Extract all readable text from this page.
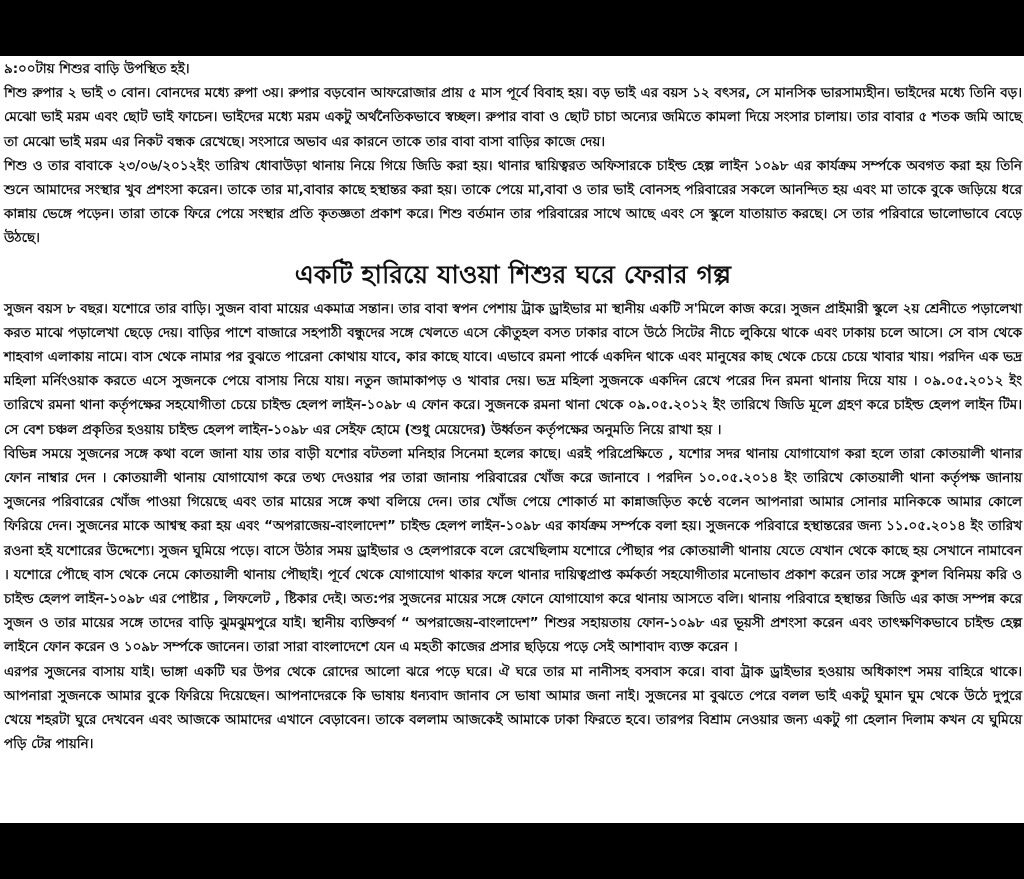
৯:০০টায় শিশুর বাড়ি উপস্থিত হই।

শিশু রুপার ২ ভাই ৩ বোন। বোনদের মধ্যে রুপা ৩য়। রুপার বড়বোন আফরোজার প্রায় ৫ মাস পূর্বে বিবাহ হয়। বড় ভাই এর বয়স ১২ বৎসর, সে মানসিক ভারসাম্যহীন। ভাইদের মধ্যে তিনি বড়। মেঝো ভাই মরম এবং ছোট ভাই ফাচেন। ভাইদের মধ্যে মরম একটু অর্থনৈতিকভাবে স্বচ্ছল। রুপার বাবা ও ছোট চাচা অন্যের জমিতে কামলা দিয়ে সংসার চালায়। তার বাবার ৫ শতক জমি আছে তা মেঝো ভাই মরম এর নিকট বন্ধক রেখেছে। সংসারে অভাব এর কারনে তাকে তার বাবা বাসা বাড়ির কাজে দেয়।

শিশু ও তার বাবাকে ২৩/০৬/২০১২ইং তারিখ ধোবাউড়া থানায় নিয়ে গিয়ে জিডি করা হয়। থানার দ্বায়িত্বরত অফিসারকে চাইল্ড হেল্প লাইন ১০৯৮ এর কার্যক্রম সর্ম্পকে অবগত করা হয় তিনি শুনে আমাদের সংস্থার খুব প্রশংসা করেন। তাকে তার মা,বাবার কাছে হস্থান্তর করা হয়। তাকে পেয়ে মা,বাবা ও তার ভাই বোনসহ পরিবারের সকলে আনন্দিত হয় এবং মা তাকে বুকে জড়িয়ে ধরে কান্নায় ভেঙ্গে পড়েন। তারা তাকে ফিরে পেয়ে সংস্থার প্রতি কৃতজ্ঞতা প্রকাশ করে। শিশু বর্তমান তার পরিবারের সাথে আছে এবং সে স্কুলে যাতায়াত করছে। সে তার পরিবারে ভালোভাবে বেড়ে উঠছে।

একটি হারিয়ে যাওয়া শিশুর ঘরে ফেরার গল্প

সুজন বয়স ৮ বছর। যশোরে তার বাড়ি। সুজন বাবা মায়ের একমাত্র সন্তান। তার বাবা স্বপন পেশায় ট্রাক ড্রাইভার মা স্থানীয় একটি স'মিলে কাজ করে। সুজন প্রাইমারী স্কুলে ২য় শ্রেনীতে পড়ালেখা করত মাঝে পড়ালেখা ছেড়ে দেয়। বাড়ির পাশে বাজারে সহপাঠী বন্ধুদের সঙ্গে খেলতে এসে কৌতুহল বসত ঢাকার বাসে উঠে সিটের নীচে লুকিয়ে থাকে এবং ঢাকায় চলে আসে। সে বাস থেকে শাহবাগ এলাকায় নামে। বাস থেকে নামার পর বুঝতে পারেনা কোথায় যাবে, কার কাছে যাবে। এভাবে রমনা পার্কে একদিন থাকে এবং মানুষের কাছ থেকে চেয়ে চেয়ে খাবার খায়। পরদিন এক ভদ্র মহিলা মর্নিংওয়াক করতে এসে সুজনকে পেয়ে বাসায় নিয়ে যায়। নতুন জামাকাপড় ও খাবার দেয়। ভদ্র মহিলা সুজনকে একদিন রেখে পরের দিন রমনা থানায় দিয়ে যায় । ০৯.০৫.২০১২ ইং তারিখে রমনা থানা কর্তৃপক্ষের সহযোগীতা চেয়ে চাইল্ড হেলপ লাইন-১০৯৮ এ ফোন করে। সুজনকে রমনা থানা থেকে ০৯.০৫.২০১২ ইং তারিখে জিডি মূলে গ্রহণ করে চাইল্ড হেলপ লাইন টিম। সে বেশ চঞ্চল প্রকৃতির হওয়ায় চাইল্ড হেলপ লাইন-১০৯৮ এর সেইফ হোমে (শুধু মেয়েদের) উর্ধ্বতন কর্তৃপক্ষের অনুমতি নিয়ে রাখা হয় ।

বিভিন্ন সময়ে সুজনের সঙ্গে কথা বলে জানা যায় তার বাড়ী যশোর বটতলা মনিহার সিনেমা হলের কাছে। এরই পরিপ্রেক্ষিতে , যশোর সদর থানায় যোগাযোগ করা হলে তারা কোতয়ালী থানার ফোন নাম্বার দেন । কোতয়ালী থানায় যোগাযোগ করে তথ্য দেওয়ার পর তারা জানায় পরিবারের খোঁজ করে জানাবে । পরদিন ১০.০৫.২০১৪ ইং তারিখে কোতয়ালী থানা কর্তৃপক্ষ জানায় সুজনের পরিবারের খোঁজ পাওয়া গিয়েছে এবং তার মায়ের সঙ্গে কথা বলিয়ে দেন। তার খোঁজ পেয়ে শোকার্ত মা কান্নাজড়িত কণ্ঠে বলেন আপনারা আমার সোনার মানিককে আমার কোলে ফিরিয়ে দেন। সুজনের মাকে আশ্বস্থ করা হয় এবং “অপরাজেয়-বাংলাদেশ” চাইল্ড হেলপ লাইন-১০৯৮ এর কার্যক্রম সর্ম্পকে বলা হয়। সুজনকে পরিবারে হস্থান্তরের জন্য ১১.০৫.২০১৪ ইং তারিখ রওনা হই যশোরের উদ্দেশ্যে। সুজন ঘুমিয়ে পড়ে। বাসে উঠার সময় ড্রাইভার ও হেলপারকে বলে রেখেছিলাম যশোরে পৌছার পর কোতয়ালী থানায় যেতে যেখান থেকে কাছে হয় সেখানে নামাবেন । যশোরে পৌছে বাস থেকে নেমে কোতয়ালী থানায় পৌছাই। পূর্বে থেকে যোগাযোগ থাকার ফলে থানার দায়িত্বপ্রাপ্ত কর্মকর্তা সহযোগীতার মনোভাব প্রকাশ করেন তার সঙ্গে কুশল বিনিময় করি ও চাইল্ড হেলপ লাইন-১০৯৮ এর পোষ্টার , লিফলেট , ষ্টিকার দেই। অত:পর সুজনের মায়ের সঙ্গে ফোনে যোগাযোগ করে থানায় আসতে বলি। থানায় পরিবারে হস্থান্তর জিডি এর কাজ সম্পন্ন করে সুজন ও তার মায়ের সঙ্গে তাদের বাড়ি ঝুমঝুমপুরে যাই। স্থানীয় ব্যক্তিবর্গ “ অপরাজেয়-বাংলাদেশ” শিশুর সহায়তায় ফোন-১০৯৮ এর ভূয়সী প্রশংসা করেন এবং তাৎক্ষণিকভাবে চাইল্ড হেল্প লাইনে ফোন করেন ও ১০৯৮ সর্ম্পকে জানেন। তারা সারা বাংলাদেশে যেন এ মহতী কাজের প্রসার ছড়িয়ে পড়ে সেই আশাবাদ ব্যক্ত করেন ।

এরপর সুজনের বাসায় যাই। ভাঙ্গা একটি ঘর উপর থেকে রোদের আলো ঝরে পড়ে ঘরে। ঐ ঘরে তার মা নানীসহ বসবাস করে। বাবা ট্রাক ড্রাইভার হওয়ায় অধিকাংশ সময় বাহিরে থাকে। আপনারা সুজনকে আমার বুকে ফিরিয়ে দিয়েছেন। আপনাদেরকে কি ভাষায় ধন্যবাদ জানাব সে ভাষা আমার জনা নাই। সুজনের মা বুঝতে পেরে বলল ভাই একটু ঘুমান ঘুম থেকে উঠে দুপুরে খেয়ে শহরটা ঘুরে দেখবেন এবং আজকে আমাদের এখানে বেড়াবেন। তাকে বললাম আজকেই আমাকে ঢাকা ফিরতে হবে। তারপর বিশ্রাম নেওয়ার জন্য একটু গা হেলান দিলাম কখন যে ঘুমিয়ে পড়ি টের পায়নি।
